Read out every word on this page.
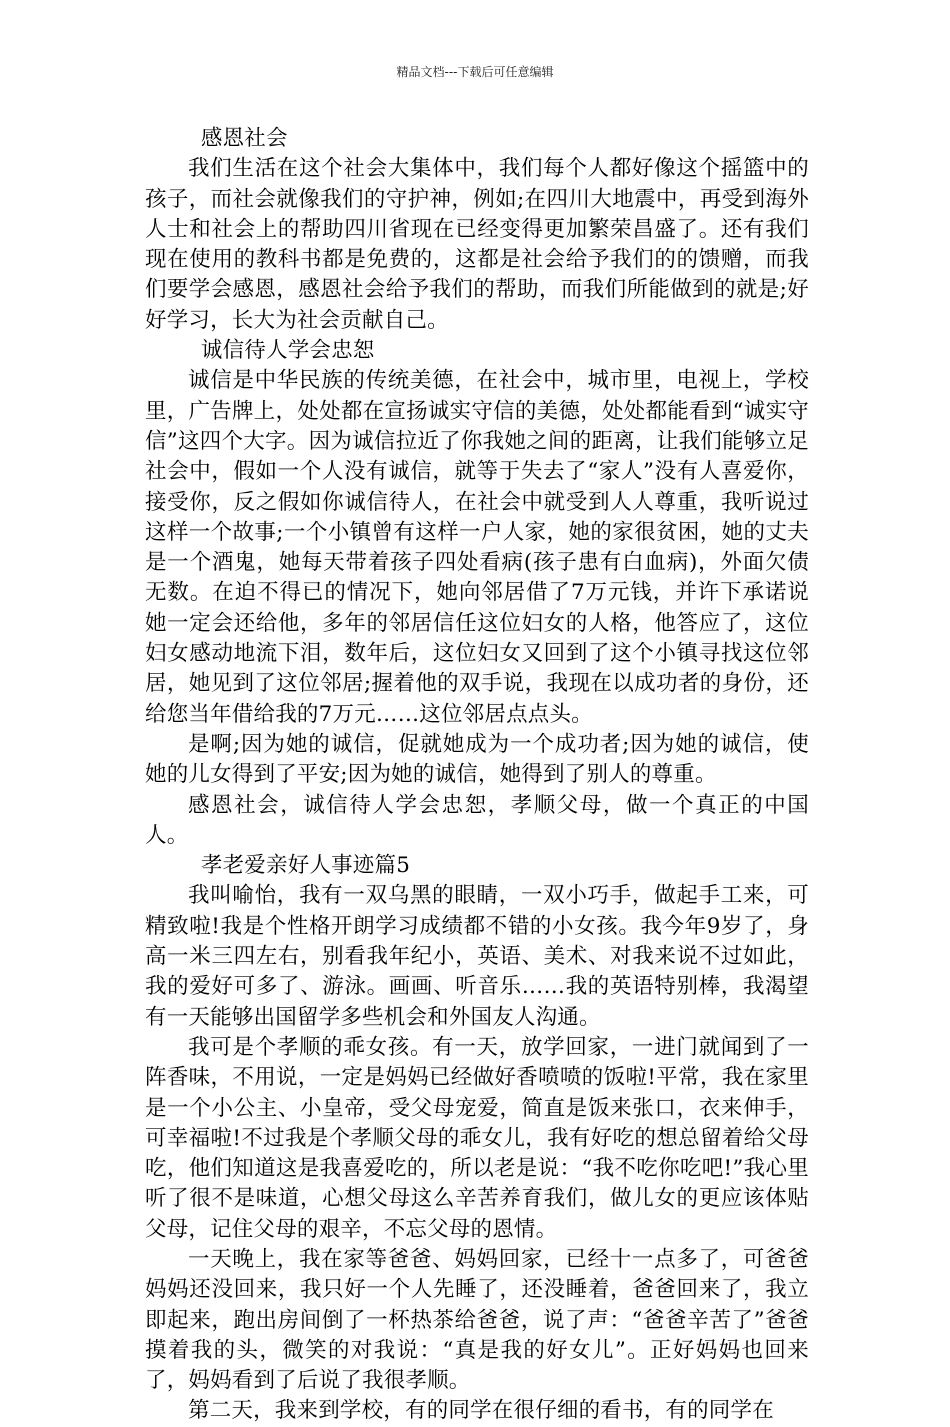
精品文档---下载后可任意编辑

感恩社会

我们生活在这个社会大集体中，我们每个人都好像这个摇篮中的孩子，而社会就像我们的守护神，例如;在四川大地震中，再受到海外人士和社会上的帮助四川省现在已经变得更加繁荣昌盛了。还有我们现在使用的教科书都是免费的，这都是社会给予我们的的馈赠，而我们要学会感恩，感恩社会给予我们的帮助，而我们所能做到的就是;好好学习，长大为社会贡献自己。

诚信待人学会忠恕

诚信是中华民族的传统美德，在社会中，城市里，电视上，学校里，广告牌上，处处都在宣扬诚实守信的美德，处处都能看到“诚实守信”这四个大字。因为诚信拉近了你我她之间的距离，让我们能够立足社会中，假如一个人没有诚信，就等于失去了“家人”没有人喜爱你，接受你，反之假如你诚信待人，在社会中就受到人人尊重，我听说过这样一个故事;一个小镇曾有这样一户人家，她的家很贫困，她的丈夫是一个酒鬼，她每天带着孩子四处看病(孩子患有白血病)，外面欠债无数。在迫不得已的情况下，她向邻居借了7万元钱，并许下承诺说她一定会还给他，多年的邻居信任这位妇女的人格，他答应了，这位妇女感动地流下泪，数年后，这位妇女又回到了这个小镇寻找这位邻居，她见到了这位邻居;握着他的双手说，我现在以成功者的身份，还给您当年借给我的7万元……这位邻居点点头。

是啊;因为她的诚信，促就她成为一个成功者;因为她的诚信，使她的儿女得到了平安;因为她的诚信，她得到了别人的尊重。

感恩社会，诚信待人学会忠恕，孝顺父母，做一个真正的中国人。

孝老爱亲好人事迹篇5

我叫喻怡，我有一双乌黑的眼睛，一双小巧手，做起手工来，可精致啦!我是个性格开朗学习成绩都不错的小女孩。我今年9岁了，身高一米三四左右，别看我年纪小，英语、美术、对我来说不过如此，我的爱好可多了、游泳。画画、听音乐……我的英语特别棒，我渴望有一天能够出国留学多些机会和外国友人沟通。

我可是个孝顺的乖女孩。有一天，放学回家，一进门就闻到了一阵香味，不用说，一定是妈妈已经做好香喷喷的饭啦!平常，我在家里是一个小公主、小皇帝，受父母宠爱，简直是饭来张口，衣来伸手，可幸福啦!不过我是个孝顺父母的乖女儿，我有好吃的想总留着给父母吃，他们知道这是我喜爱吃的，所以老是说：“我不吃你吃吧!”我心里听了很不是味道，心想父母这么辛苦养育我们，做儿女的更应该体贴父母，记住父母的艰辛，不忘父母的恩情。

一天晚上，我在家等爸爸、妈妈回家，已经十一点多了，可爸爸妈妈还没回来，我只好一个人先睡了，还没睡着，爸爸回来了，我立即起来，跑出房间倒了一杯热茶给爸爸，说了声：“爸爸辛苦了”爸爸摸着我的头，微笑的对我说：“真是我的好女儿”。正好妈妈也回来了，妈妈看到了后说了我很孝顺。

第二天，我来到学校，有的同学在很仔细的看书，有的同学在
